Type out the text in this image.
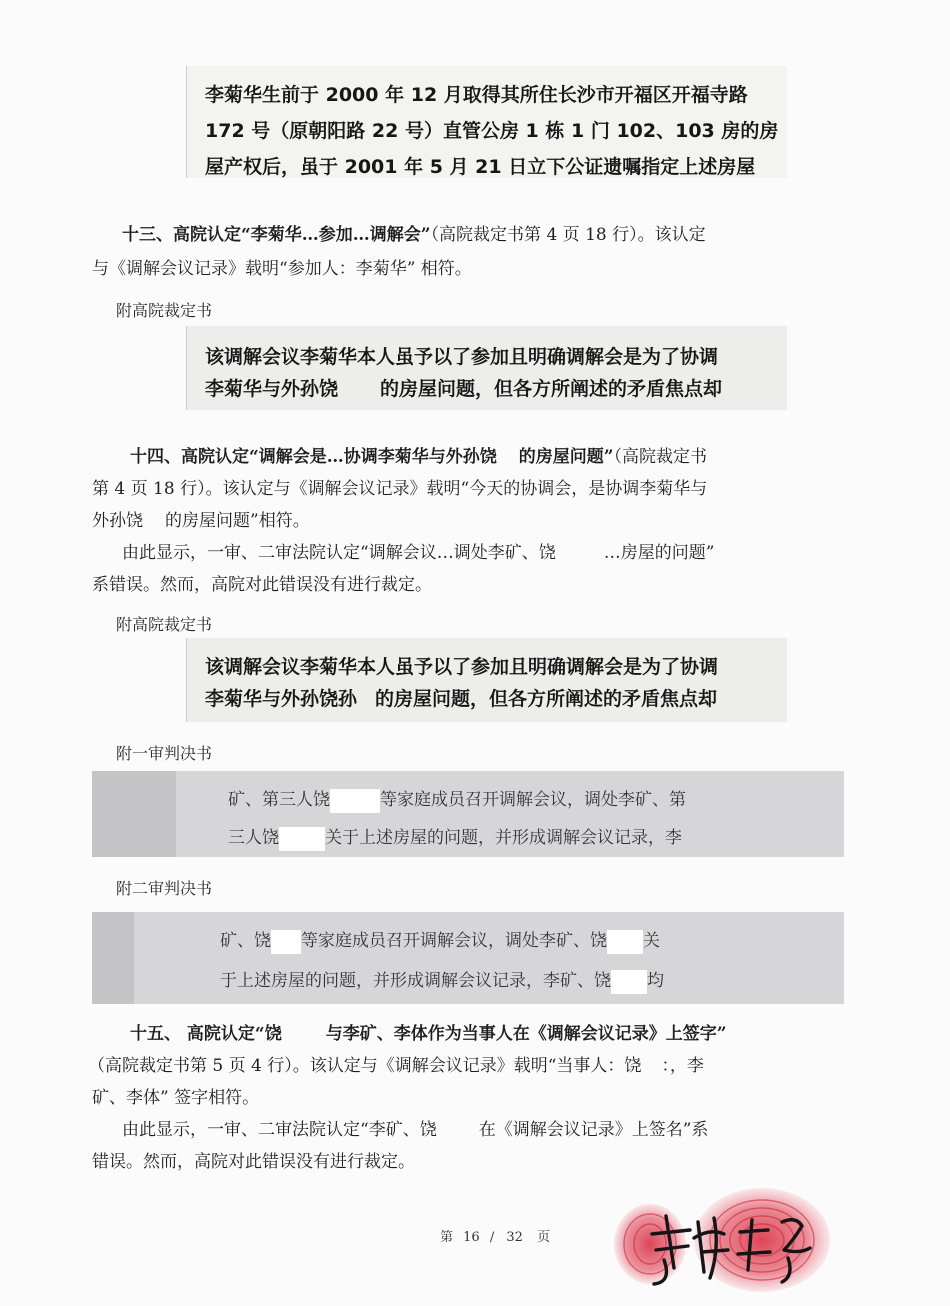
李菊华生前于 2000 年 12 月取得其所住长沙市开福区开福寺路
172 号（原朝阳路 22 号）直管公房 1 栋 1 门 102、103 房的房
屋产权后，虽于 2001 年 5 月 21 日立下公证遗嘱指定上述房屋
十三、高院认定“李菊华…参加…调解会”（高院裁定书第 4 页 18 行）。该认定
与《调解会议记录》载明“参加人：李菊华” 相符。
附高院裁定书
该调解会议李菊华本人虽予以了参加且明确调解会是为了协调
李菊华与外孙饶 的房屋问题，但各方所阐述的矛盾焦点却
十四、高院认定“调解会是…协调李菊华与外孙饶 的房屋问题”（高院裁定书
第 4 页 18 行）。该认定与《调解会议记录》载明“今天的协调会，是协调李菊华与
外孙饶 的房屋问题”相符。
由此显示，一审、二审法院认定“调解会议…调处李矿、饶	…房屋的问题”
系错误。然而，高院对此错误没有进行裁定。
附高院裁定书
该调解会议李菊华本人虽予以了参加且明确调解会是为了协调
李菊华与外孙饶孙 的房屋问题，但各方所阐述的矛盾焦点却
附一审判决书
矿、第三人饶	等家庭成员召开调解会议，调处李矿、第
三人饶	关于上述房屋的问题，并形成调解会议记录，李
附二审判决书
矿、饶 等家庭成员召开调解会议，调处李矿、饶 关
于上述房屋的问题，并形成调解会议记录，李矿、饶 均
十五、 高院认定“饶	与李矿、李体作为当事人在《调解会议记录》上签字”
（高院裁定书第 5 页 4 行）。该认定与《调解会议记录》载明“当事人：饶 ：，李
矿、李体” 签字相符。
由此显示，一审、二审法院认定“李矿、饶 在《调解会议记录》上签名”系
错误。然而，高院对此错误没有进行裁定。
第 16 / 32 页
